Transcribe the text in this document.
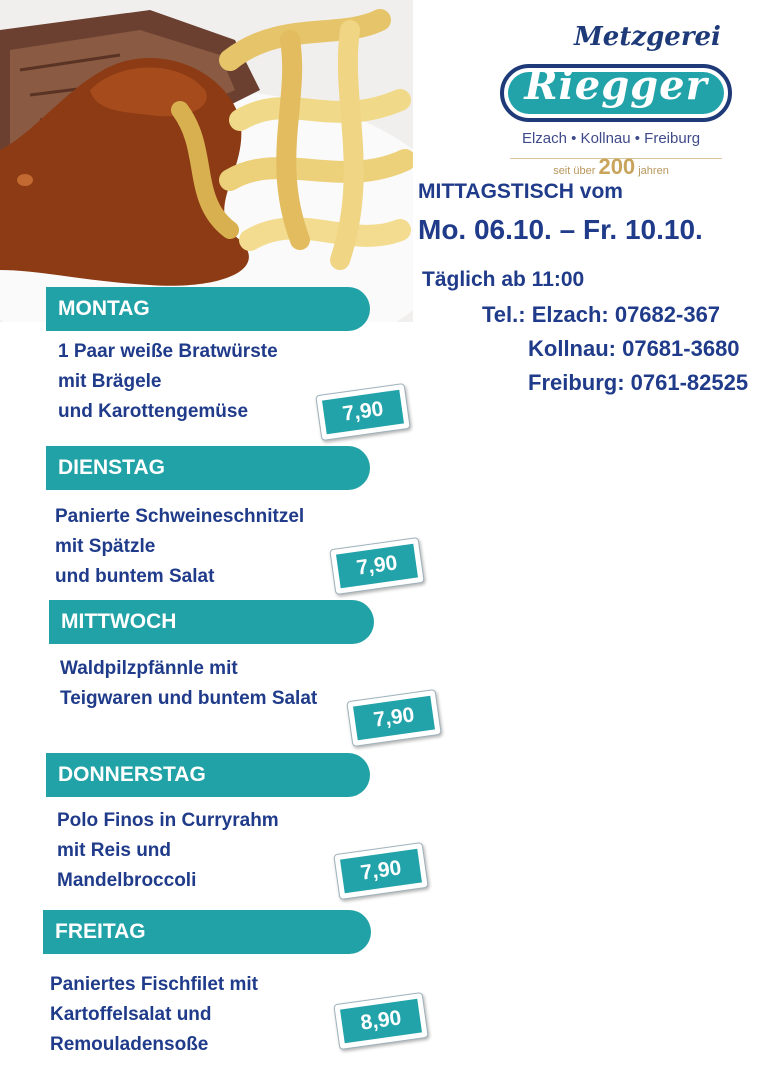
Metzgerei
Riegger
Elzach • Kollnau • Freiburg
seit über 200 jahren
MITTAGSTISCH vom
Mo. 06.10. – Fr. 10.10.
Täglich ab 11:00
Tel.: Elzach: 07682-367
Kollnau: 07681-3680
Freiburg: 0761-82525
MONTAG
1 Paar weiße Bratwürste
mit Brägele
und Karottengemüse	7,90
DIENSTAG
Panierte Schweineschnitzel
mit Spätzle
und buntem Salat	7,90
MITTWOCH
Waldpilzpfännle mit
Teigwaren und buntem Salat
7,90
DONNERSTAG
Polo Finos in Curryrahm
mit Reis und
Mandelbroccoli	7,90
FREITAG
Paniertes Fischfilet mit
Kartoffelsalat und
Remouladensoße
8,90
